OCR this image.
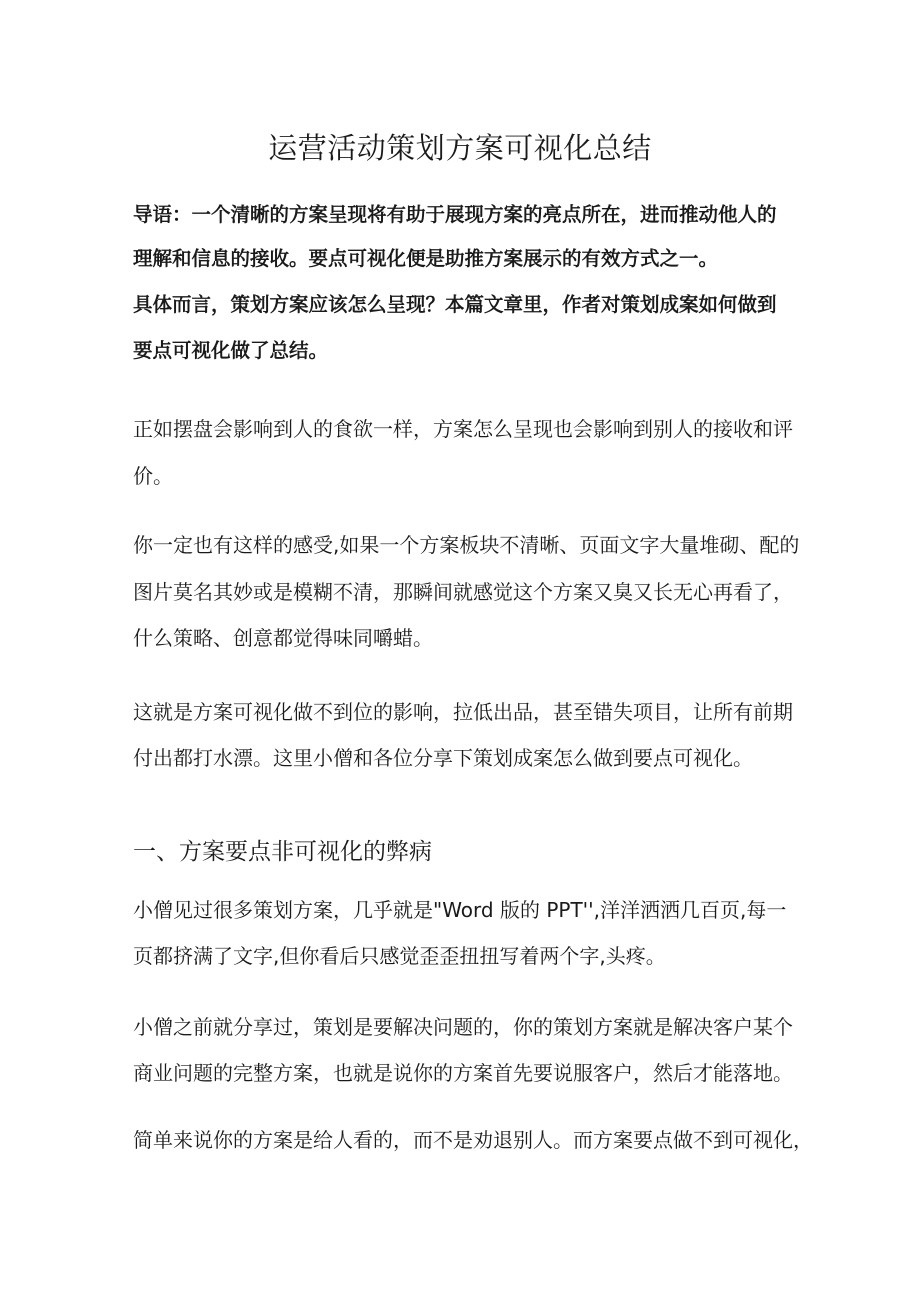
运营活动策划方案可视化总结
导语：一个清晰的方案呈现将有助于展现方案的亮点所在，进而推动他人的
理解和信息的接收。要点可视化便是助推方案展示的有效方式之一。
具体而言，策划方案应该怎么呈现？本篇文章里，作者对策划成案如何做到
要点可视化做了总结。
正如摆盘会影响到人的食欲一样，方案怎么呈现也会影响到别人的接收和评
价。
你一定也有这样的感受,如果一个方案板块不清晰、页面文字大量堆砌、配的
图片莫名其妙或是模糊不清，那瞬间就感觉这个方案又臭又长无心再看了，
什么策略、创意都觉得味同嚼蜡。
这就是方案可视化做不到位的影响，拉低出品，甚至错失项目，让所有前期
付出都打水漂。这里小僧和各位分享下策划成案怎么做到要点可视化。
一、方案要点非可视化的弊病
小僧见过很多策划方案，几乎就是"Word 版的 PPT'',洋洋洒洒几百页,每一
页都挤满了文字,但你看后只感觉歪歪扭扭写着两个字,头疼。
小僧之前就分享过，策划是要解决问题的，你的策划方案就是解决客户某个
商业问题的完整方案，也就是说你的方案首先要说服客户，然后才能落地。
简单来说你的方案是给人看的，而不是劝退别人。而方案要点做不到可视化，
